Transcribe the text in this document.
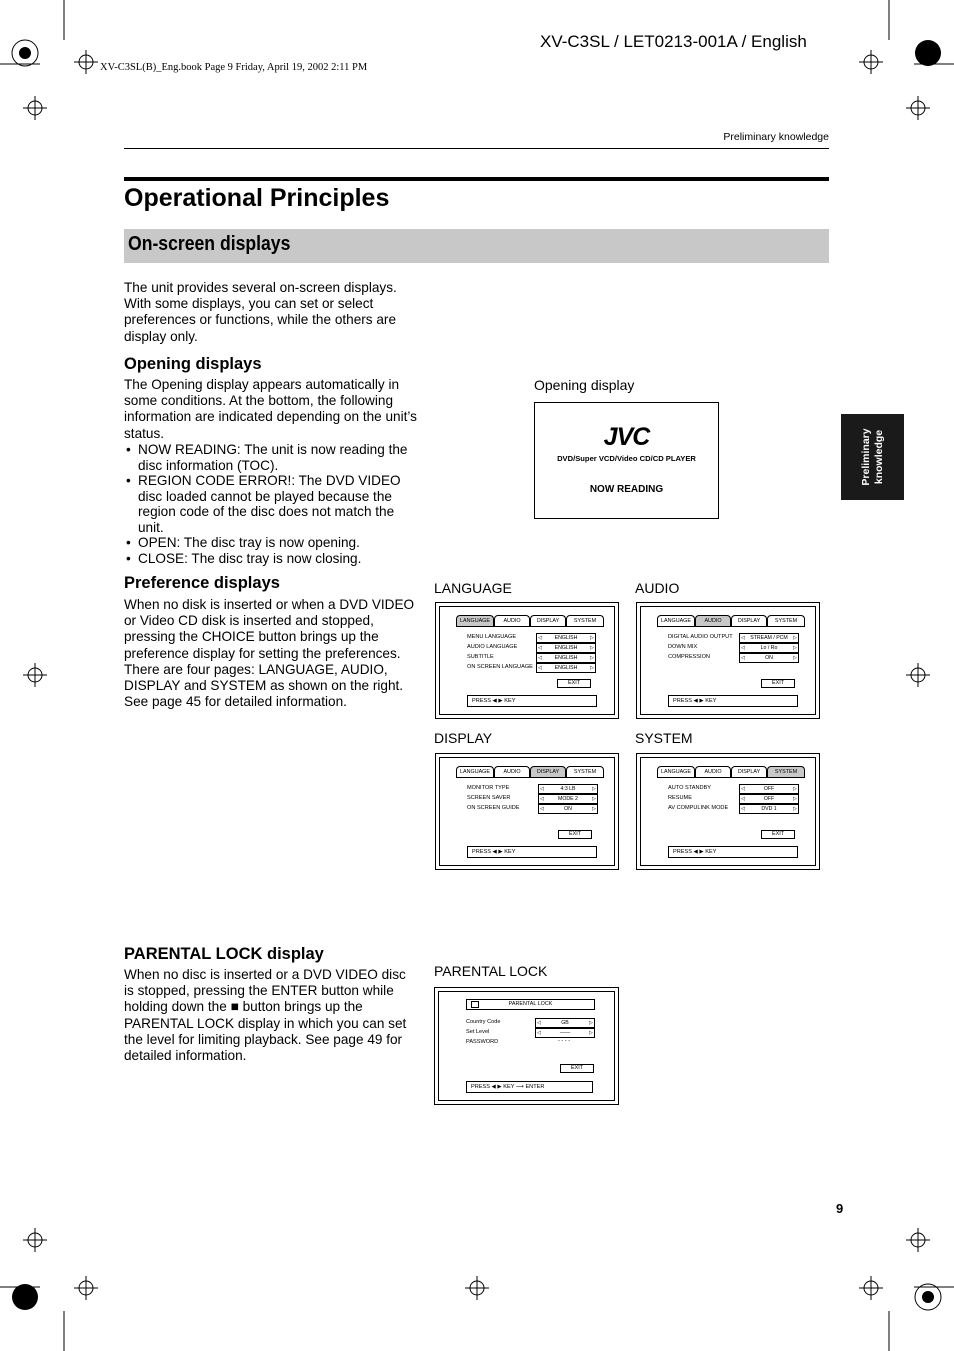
XV-C3SL / LET0213-001A / English
XV-C3SL(B)_Eng.book Page 9 Friday, April 19, 2002 2:11 PM
Preliminary knowledge
Operational Principles
On-screen displays
Preliminary knowledge
The unit provides several on-screen displays. With some displays, you can set or select preferences or functions, while the others are display only.
Opening displays
The Opening display appears automatically in some conditions. At the bottom, the following information are indicated depending on the unit’s status.
• NOW READING: The unit is now reading the disc information (TOC).
• REGION CODE ERROR!: The DVD VIDEO disc loaded cannot be played because the region code of the disc does not match the unit.
• OPEN: The disc tray is now opening.
• CLOSE: The disc tray is now closing.
Preference displays
When no disk is inserted or when a DVD VIDEO or Video CD disk is inserted and stopped, pressing the CHOICE button brings up the preference display for setting the preferences. There are four pages: LANGUAGE, AUDIO, DISPLAY and SYSTEM as shown on the right. See page 45 for detailed information.
PARENTAL LOCK display
When no disc is inserted or a DVD VIDEO disc is stopped, pressing the ENTER button while holding down the ■ button brings up the PARENTAL LOCK display in which you can set the level for limiting playback. See page 49 for detailed information.
Opening display
JVC
DVD/Super VCD/Video CD/CD PLAYER
NOW READING
LANGUAGE	AUDIO
DISPLAY	SYSTEM
LANGUAGE	AUDIO	DISPLAY	SYSTEM
MENU LANGUAGE	◁ ENGLISH ▷
AUDIO LANGUAGE	◁ ENGLISH ▷
SUBTITLE	◁ ENGLISH ▷
ON SCREEN LANGUAGE ◁ ENGLISH ▷
EXIT
PRESS ◀ ▶ KEY
LANGUAGE	AUDIO	DISPLAY	SYSTEM
DIGITAL AUDIO OUTPUT ◁ STREAM / PCM ▷
DOWN MIX	◁	Lo / Ro	▷
COMPRESSION	◁	ON	▷
EXIT
PRESS ◀ ▶ KEY
LANGUAGE	AUDIO	DISPLAY	SYSTEM
MONITOR TYPE	◁	4:3 LB	▷
SCREEN SAVER	◁	MODE 2	▷
ON SCREEN GUIDE	◁	ON	▷
EXIT
PRESS ◀ ▶ KEY
LANGUAGE	AUDIO	DISPLAY	SYSTEM
AUTO STANDBY	◁	OFF	▷
RESUME	◁	OFF	▷
AV COMPULINK MODE ◁	DVD 1	▷
EXIT
PRESS ◀ ▶ KEY
PARENTAL LOCK
PARENTAL LOCK
Country Code	◁	GB	▷
Set Level	◁	——	▷
PASSWORD	- - - -
EXIT
PRESS ◀ ▶ KEY ⟶ ENTER
9
